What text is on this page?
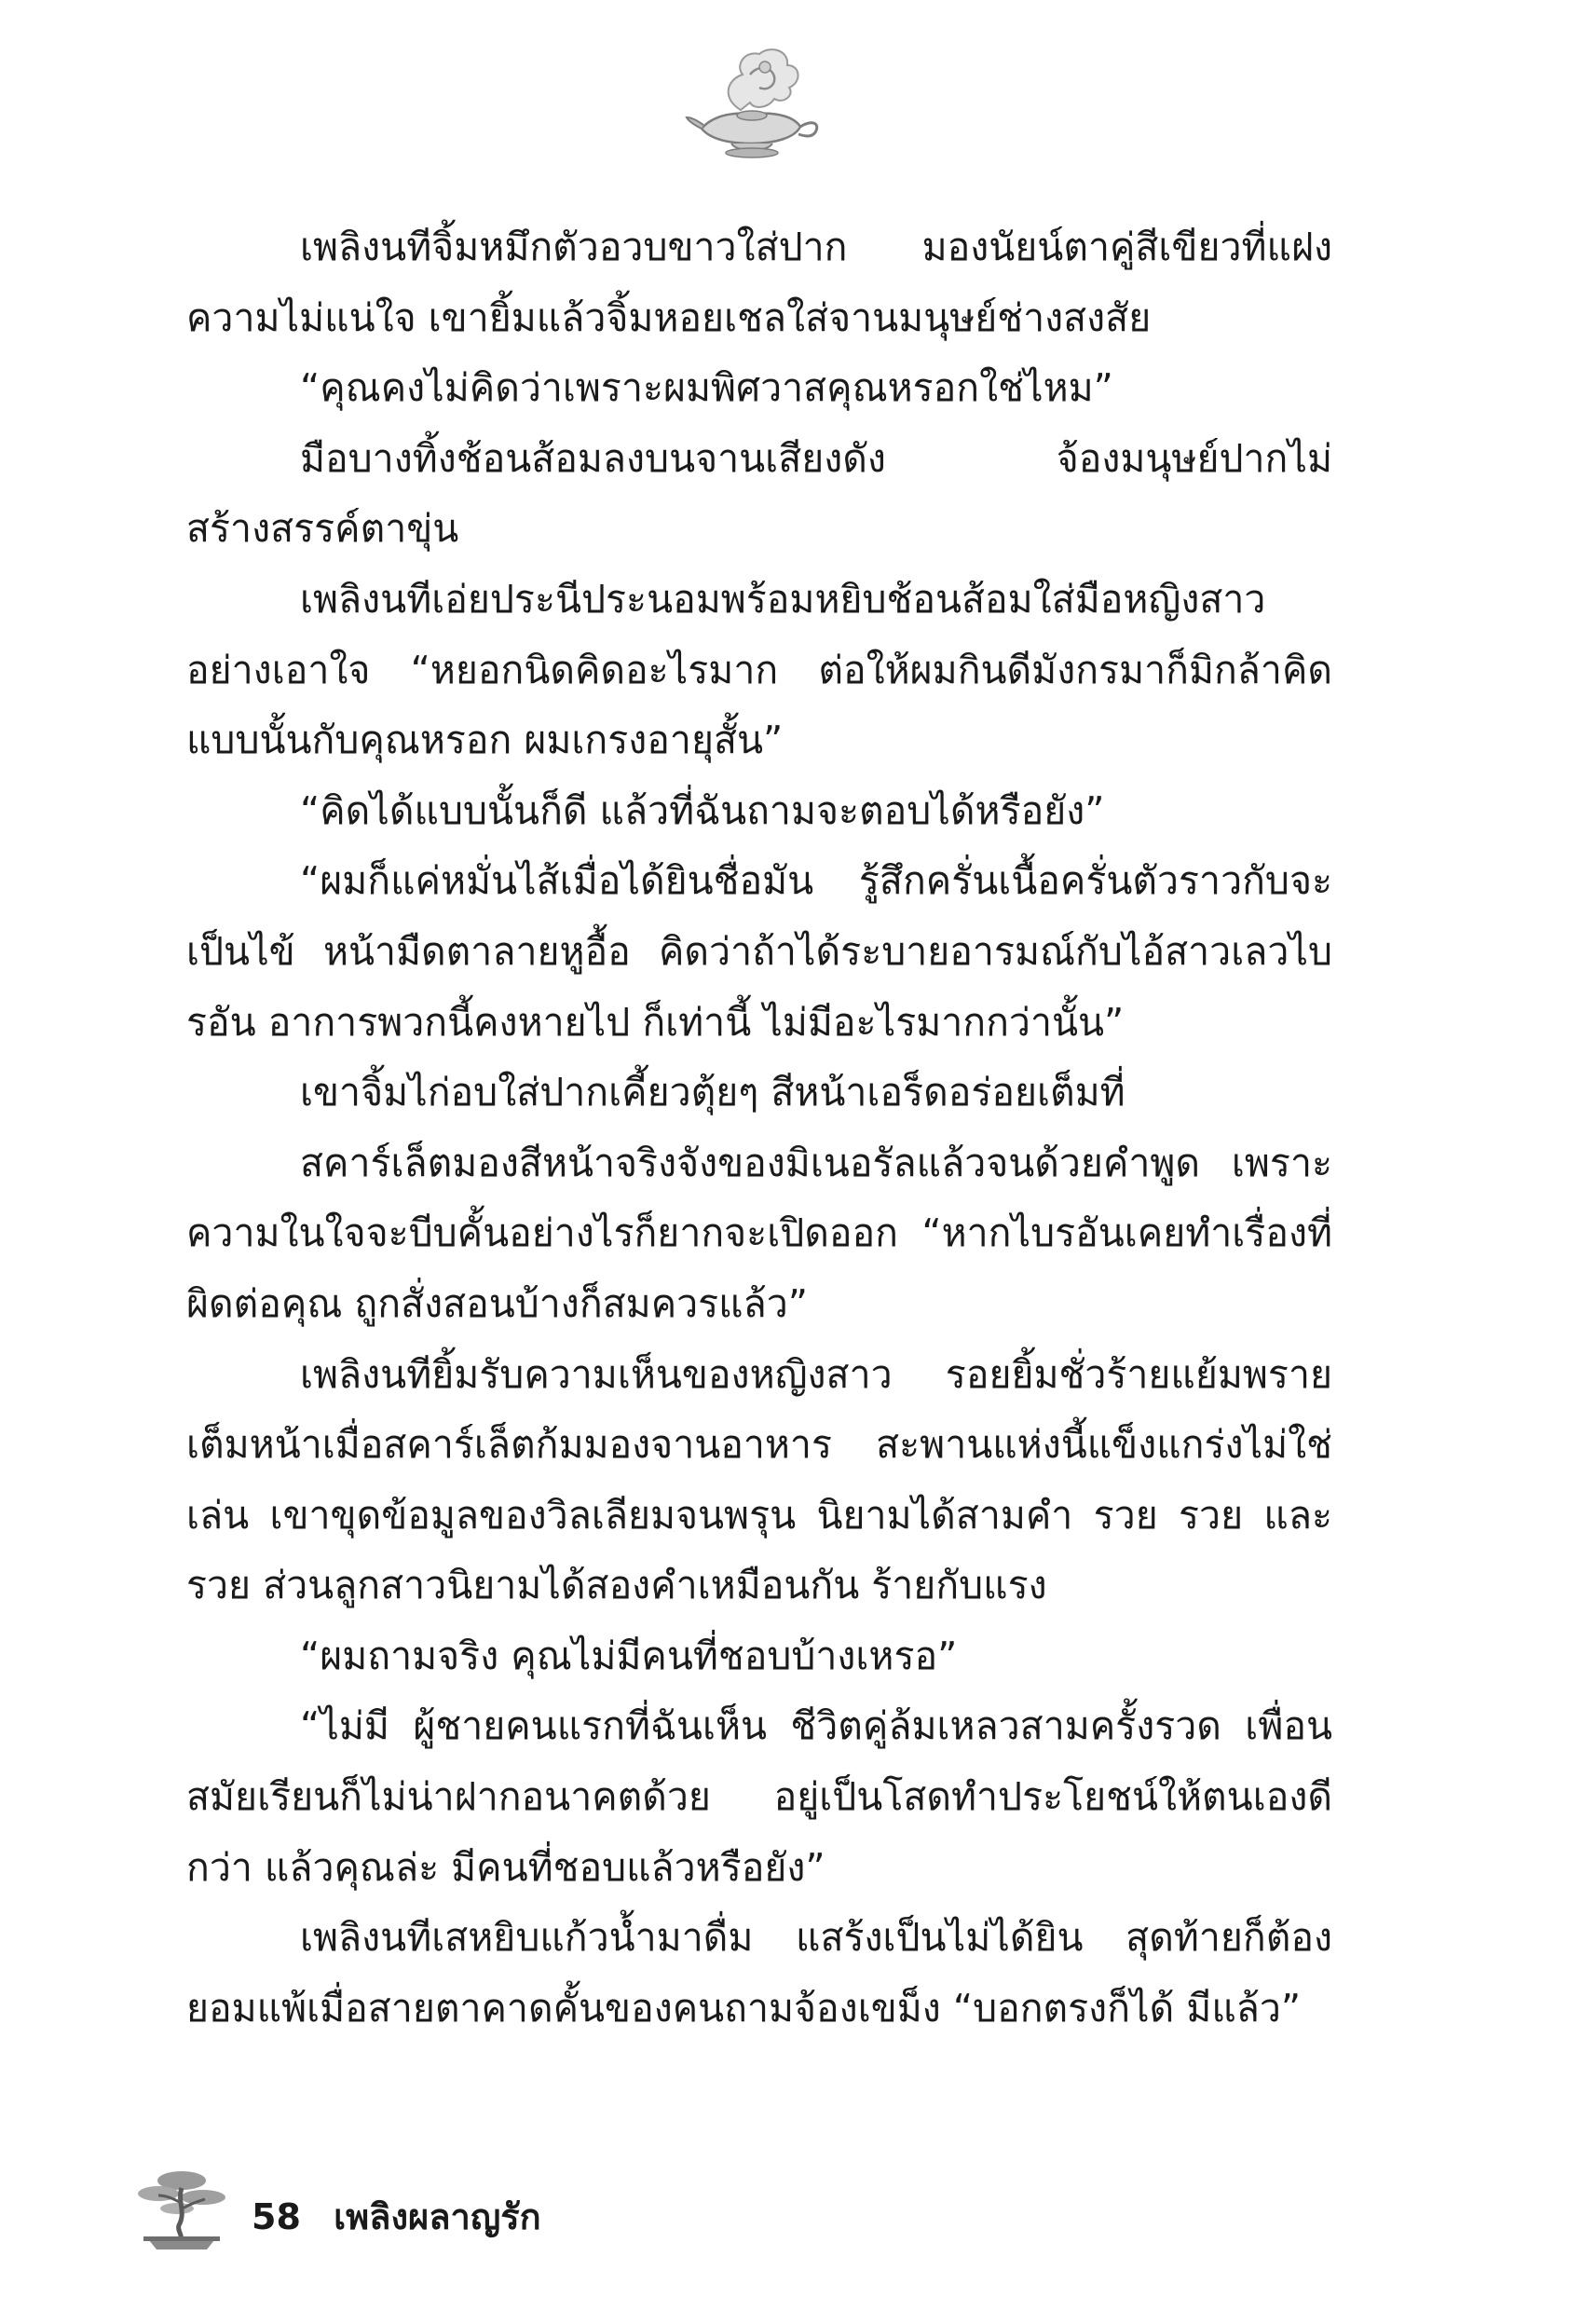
เพลิงนทีจิ้มหมึกตัวอวบขาวใส่ปาก มองนัยน์ตาคู่สีเขียวที่แฝงความไม่แน่ใจ เขายิ้มแล้วจิ้มหอยเชลใส่จานมนุษย์ช่างสงสัย

“คุณคงไม่คิดว่าเพราะผมพิศวาสคุณหรอกใช่ไหม”

มือบางทิ้งช้อนส้อมลงบนจานเสียงดัง จ้องมนุษย์ปากไม่สร้างสรรค์ตาขุ่น

เพลิงนทีเอ่ยประนีประนอมพร้อมหยิบช้อนส้อมใส่มือหญิงสาวอย่างเอาใจ “หยอกนิดคิดอะไรมาก ต่อให้ผมกินดีมังกรมาก็มิกล้าคิดแบบนั้นกับคุณหรอก ผมเกรงอายุสั้น”

“คิดได้แบบนั้นก็ดี แล้วที่ฉันถามจะตอบได้หรือยัง”

“ผมก็แค่หมั่นไส้เมื่อได้ยินชื่อมัน รู้สึกครั่นเนื้อครั่นตัวราวกับจะเป็นไข้ หน้ามืดตาลายหูอื้อ คิดว่าถ้าได้ระบายอารมณ์กับไอ้สาวเลวไบรอัน อาการพวกนี้คงหายไป ก็เท่านี้ ไม่มีอะไรมากกว่านั้น”

เขาจิ้มไก่อบใส่ปากเคี้ยวตุ้ยๆ สีหน้าเอร็ดอร่อยเต็มที่

สคาร์เล็ตมองสีหน้าจริงจังของมิเนอรัลแล้วจนด้วยคำพูด เพราะความในใจจะบีบคั้นอย่างไรก็ยากจะเปิดออก “หากไบรอันเคยทำเรื่องที่ผิดต่อคุณ ถูกสั่งสอนบ้างก็สมควรแล้ว”

เพลิงนทียิ้มรับความเห็นของหญิงสาว รอยยิ้มชั่วร้ายแย้มพรายเต็มหน้าเมื่อสคาร์เล็ตก้มมองจานอาหาร สะพานแห่งนี้แข็งแกร่งไม่ใช่เล่น เขาขุดข้อมูลของวิลเลียมจนพรุน นิยามได้สามคำ รวย รวย และรวย ส่วนลูกสาวนิยามได้สองคำเหมือนกัน ร้ายกับแรง

“ผมถามจริง คุณไม่มีคนที่ชอบบ้างเหรอ”

“ไม่มี ผู้ชายคนแรกที่ฉันเห็น ชีวิตคู่ล้มเหลวสามครั้งรวด เพื่อนสมัยเรียนก็ไม่น่าฝากอนาคตด้วย อยู่เป็นโสดทำประโยชน์ให้ตนเองดีกว่า แล้วคุณล่ะ มีคนที่ชอบแล้วหรือยัง”

เพลิงนทีเสหยิบแก้วน้ำมาดื่ม แสร้งเป็นไม่ได้ยิน สุดท้ายก็ต้องยอมแพ้เมื่อสายตาคาดคั้นของคนถามจ้องเขม็ง “บอกตรงก็ได้ มีแล้ว”

58 เพลิงผลาญรัก
